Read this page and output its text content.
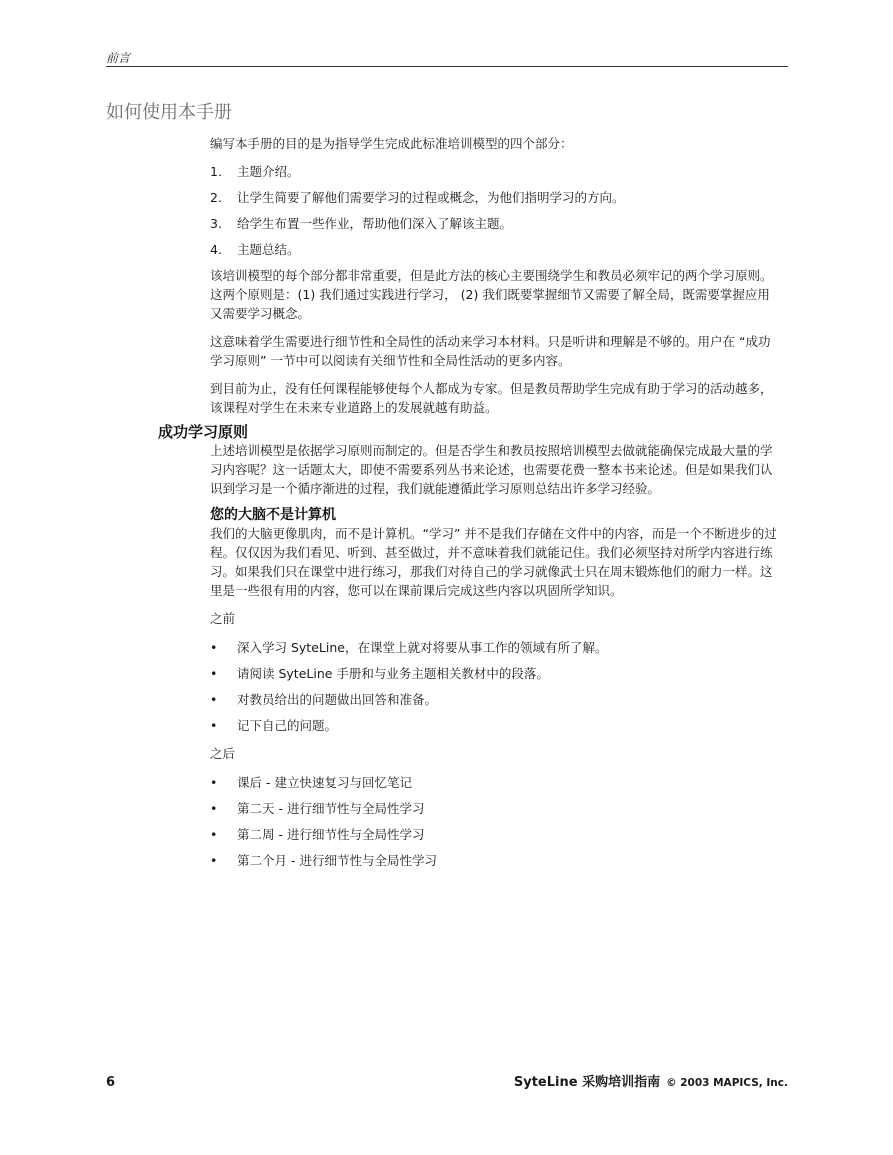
前言
如何使用本手册

编写本手册的目的是为指导学生完成此标准培训模型的四个部分：

1. 主题介绍。
2. 让学生简要了解他们需要学习的过程或概念，为他们指明学习的方向。
3. 给学生布置一些作业，帮助他们深入了解该主题。
4. 主题总结。

该培训模型的每个部分都非常重要，但是此方法的核心主要围绕学生和教员必须牢记的两个学习原则。这两个原则是：(1) 我们通过实践进行学习， (2) 我们既要掌握细节又需要了解全局，既需要掌握应用又需要学习概念。

这意味着学生需要进行细节性和全局性的活动来学习本材料。只是听讲和理解是不够的。用户在 “成功学习原则” 一节中可以阅读有关细节性和全局性活动的更多内容。

到目前为止，没有任何课程能够使每个人都成为专家。但是教员帮助学生完成有助于学习的活动越多，该课程对学生在未来专业道路上的发展就越有助益。

成功学习原则

上述培训模型是依据学习原则而制定的。但是否学生和教员按照培训模型去做就能确保完成最大量的学习内容呢？这一话题太大，即使不需要系列丛书来论述，也需要花费一整本书来论述。但是如果我们认识到学习是一个循序渐进的过程，我们就能遵循此学习原则总结出许多学习经验。

您的大脑不是计算机

我们的大脑更像肌肉，而不是计算机。“学习” 并不是我们存储在文件中的内容，而是一个不断进步的过程。仅仅因为我们看见、听到、甚至做过，并不意味着我们就能记住。我们必须坚持对所学内容进行练习。如果我们只在课堂中进行练习，那我们对待自己的学习就像武士只在周末锻炼他们的耐力一样。这里是一些很有用的内容，您可以在课前课后完成这些内容以巩固所学知识。

之前

• 深入学习 SyteLine，在课堂上就对将要从事工作的领域有所了解。
• 请阅读 SyteLine 手册和与业务主题相关教材中的段落。
• 对教员给出的问题做出回答和准备。
• 记下自己的问题。

之后

• 课后 - 建立快速复习与回忆笔记
• 第二天 - 进行细节性与全局性学习
• 第二周 - 进行细节性与全局性学习
• 第二个月 - 进行细节性与全局性学习
6	SyteLine 采购培训指南 © 2003 MAPICS, Inc.
